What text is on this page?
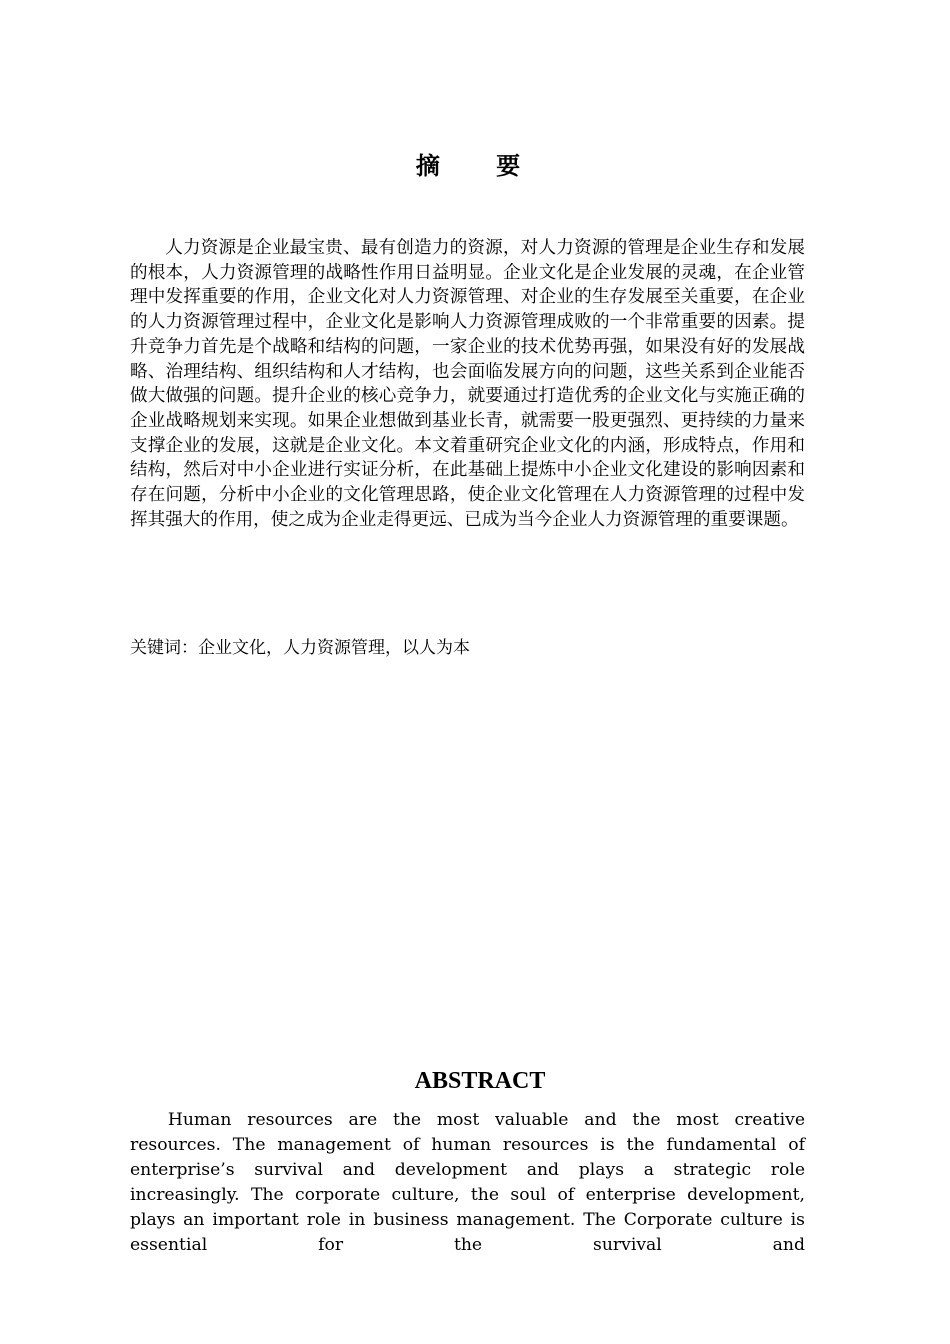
摘 要

人力资源是企业最宝贵、最有创造力的资源，对人力资源的管理是企业生存和发展的根本，人力资源管理的战略性作用日益明显。企业文化是企业发展的灵魂，在企业管理中发挥重要的作用，企业文化对人力资源管理、对企业的生存发展至关重要，在企业的人力资源管理过程中，企业文化是影响人力资源管理成败的一个非常重要的因素。提升竞争力首先是个战略和结构的问题，一家企业的技术优势再强，如果没有好的发展战略、治理结构、组织结构和人才结构，也会面临发展方向的问题，这些关系到企业能否做大做强的问题。提升企业的核心竞争力，就要通过打造优秀的企业文化与实施正确的企业战略规划来实现。如果企业想做到基业长青，就需要一股更强烈、更持续的力量来支撑企业的发展，这就是企业文化。本文着重研究企业文化的内涵，形成特点，作用和结构，然后对中小企业进行实证分析，在此基础上提炼中小企业文化建设的影响因素和存在问题，分析中小企业的文化管理思路，使企业文化管理在人力资源管理的过程中发挥其强大的作用，使之成为企业走得更远、已成为当今企业人力资源管理的重要课题。

关键词：企业文化，人力资源管理，以人为本
ABSTRACT

Human resources are the most valuable and the most creative resources. The management of human resources is the fundamental of enterprise’s survival and development and plays a strategic role increasingly. The corporate culture, the soul of enterprise development, plays an important role in business management. The Corporate culture is essential for the survival and
